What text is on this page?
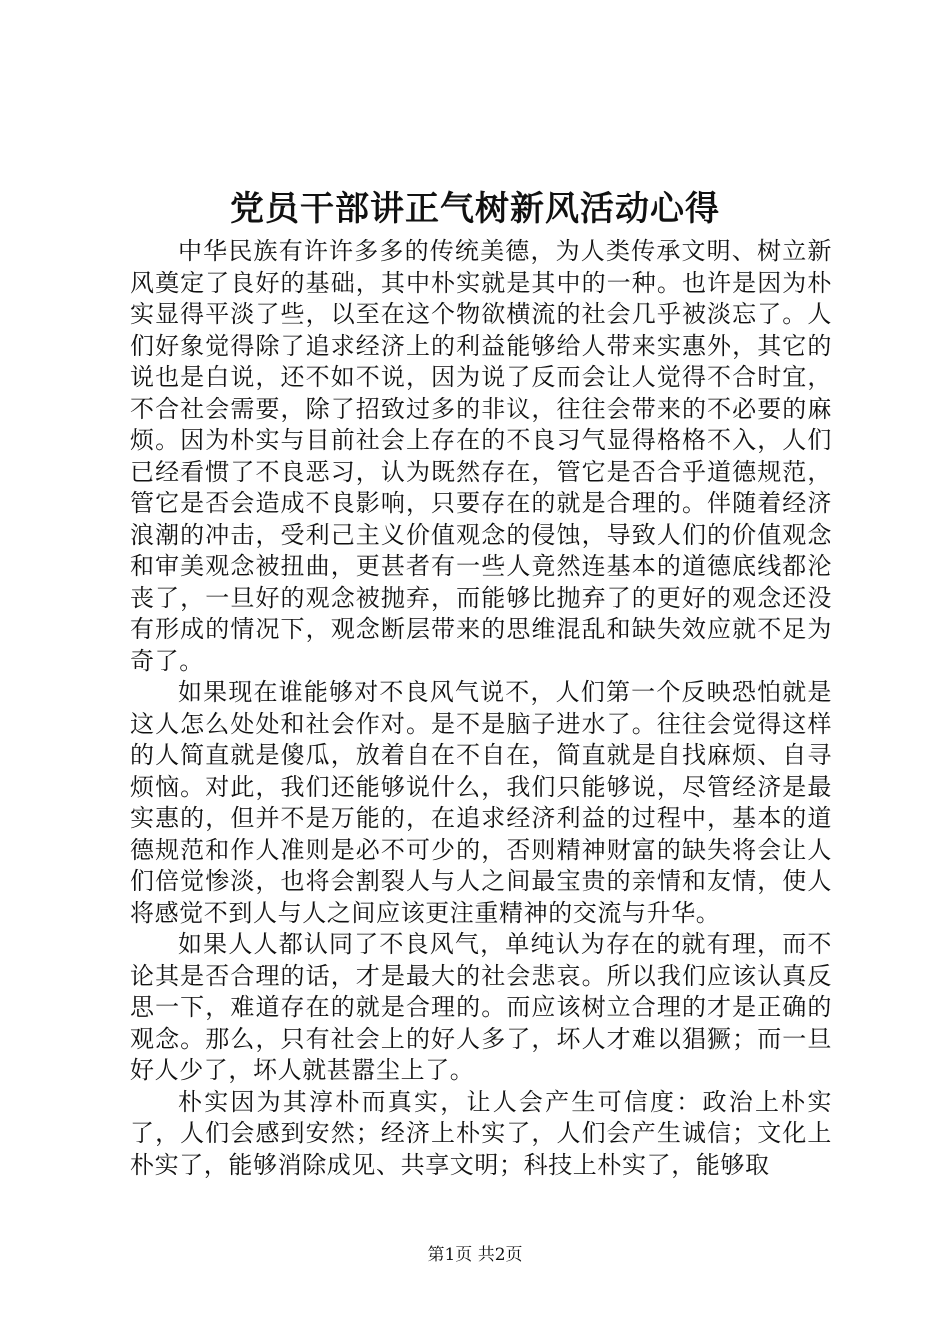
党员干部讲正气树新风活动心得

中华民族有许许多多的传统美德，为人类传承文明、树立新风奠定了良好的基础，其中朴实就是其中的一种。也许是因为朴实显得平淡了些，以至在这个物欲横流的社会几乎被淡忘了。人们好象觉得除了追求经济上的利益能够给人带来实惠外，其它的说也是白说，还不如不说，因为说了反而会让人觉得不合时宜，不合社会需要，除了招致过多的非议，往往会带来的不必要的麻烦。因为朴实与目前社会上存在的不良习气显得格格不入，人们已经看惯了不良恶习，认为既然存在，管它是否合乎道德规范，管它是否会造成不良影响，只要存在的就是合理的。伴随着经济浪潮的冲击，受利己主义价值观念的侵蚀，导致人们的价值观念和审美观念被扭曲，更甚者有一些人竟然连基本的道德底线都沦丧了，一旦好的观念被抛弃，而能够比抛弃了的更好的观念还没有形成的情况下，观念断层带来的思维混乱和缺失效应就不足为奇了。

如果现在谁能够对不良风气说不，人们第一个反映恐怕就是这人怎么处处和社会作对。是不是脑子进水了。往往会觉得这样的人简直就是傻瓜，放着自在不自在，简直就是自找麻烦、自寻烦恼。对此，我们还能够说什么，我们只能够说，尽管经济是最实惠的，但并不是万能的，在追求经济利益的过程中，基本的道德规范和作人准则是必不可少的，否则精神财富的缺失将会让人们倍觉惨淡，也将会割裂人与人之间最宝贵的亲情和友情，使人将感觉不到人与人之间应该更注重精神的交流与升华。

如果人人都认同了不良风气，单纯认为存在的就有理，而不论其是否合理的话，才是最大的社会悲哀。所以我们应该认真反思一下，难道存在的就是合理的。而应该树立合理的才是正确的观念。那么，只有社会上的好人多了，坏人才难以猖獗；而一旦好人少了，坏人就甚嚣尘上了。

朴实因为其淳朴而真实，让人会产生可信度：政治上朴实了，人们会感到安然；经济上朴实了，人们会产生诚信；文化上朴实了，能够消除成见、共享文明；科技上朴实了，能够取

第1页 共2页
